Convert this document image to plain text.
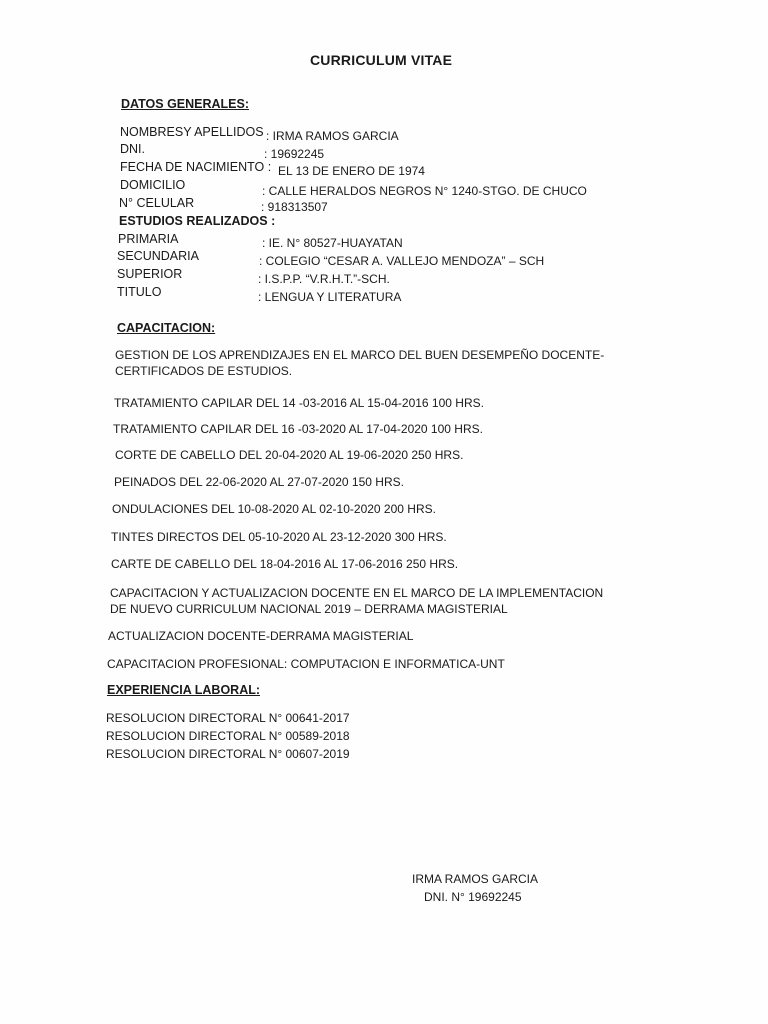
CURRICULUM VITAE
DATOS GENERALES:
NOMBRESY APELLIDOS : IRMA RAMOS GARCIA
DNI.	: 19692245
FECHA DE NACIMIENTO : EL 13 DE ENERO DE 1974
DOMICILIO	: CALLE HERALDOS NEGROS N° 1240-STGO. DE CHUCO
N° CELULAR	: 918313507
ESTUDIOS REALIZADOS :
PRIMARIA	: IE. N° 80527-HUAYATAN
SECUNDARIA	: COLEGIO “CESAR A. VALLEJO MENDOZA” – SCH
SUPERIOR	: I.S.P.P. “V.R.H.T.”-SCH.
TITULO	: LENGUA Y LITERATURA
CAPACITACION:
GESTION DE LOS APRENDIZAJES EN EL MARCO DEL BUEN DESEMPEÑO DOCENTE-
CERTIFICADOS DE ESTUDIOS.
TRATAMIENTO CAPILAR DEL 14 -03-2016 AL 15-04-2016 100 HRS.
TRATAMIENTO CAPILAR DEL 16 -03-2020 AL 17-04-2020 100 HRS.
CORTE DE CABELLO DEL 20-04-2020 AL 19-06-2020 250 HRS.
PEINADOS DEL 22-06-2020 AL 27-07-2020 150 HRS.
ONDULACIONES DEL 10-08-2020 AL 02-10-2020 200 HRS.
TINTES DIRECTOS DEL 05-10-2020 AL 23-12-2020 300 HRS.
CARTE DE CABELLO DEL 18-04-2016 AL 17-06-2016 250 HRS.
CAPACITACION Y ACTUALIZACION DOCENTE EN EL MARCO DE LA IMPLEMENTACION
DE NUEVO CURRICULUM NACIONAL 2019 – DERRAMA MAGISTERIAL
ACTUALIZACION DOCENTE-DERRAMA MAGISTERIAL
CAPACITACION PROFESIONAL: COMPUTACION E INFORMATICA-UNT
EXPERIENCIA LABORAL:
RESOLUCION DIRECTORAL N° 00641-2017
RESOLUCION DIRECTORAL N° 00589-2018
RESOLUCION DIRECTORAL N° 00607-2019
IRMA RAMOS GARCIA
DNI. N° 19692245
